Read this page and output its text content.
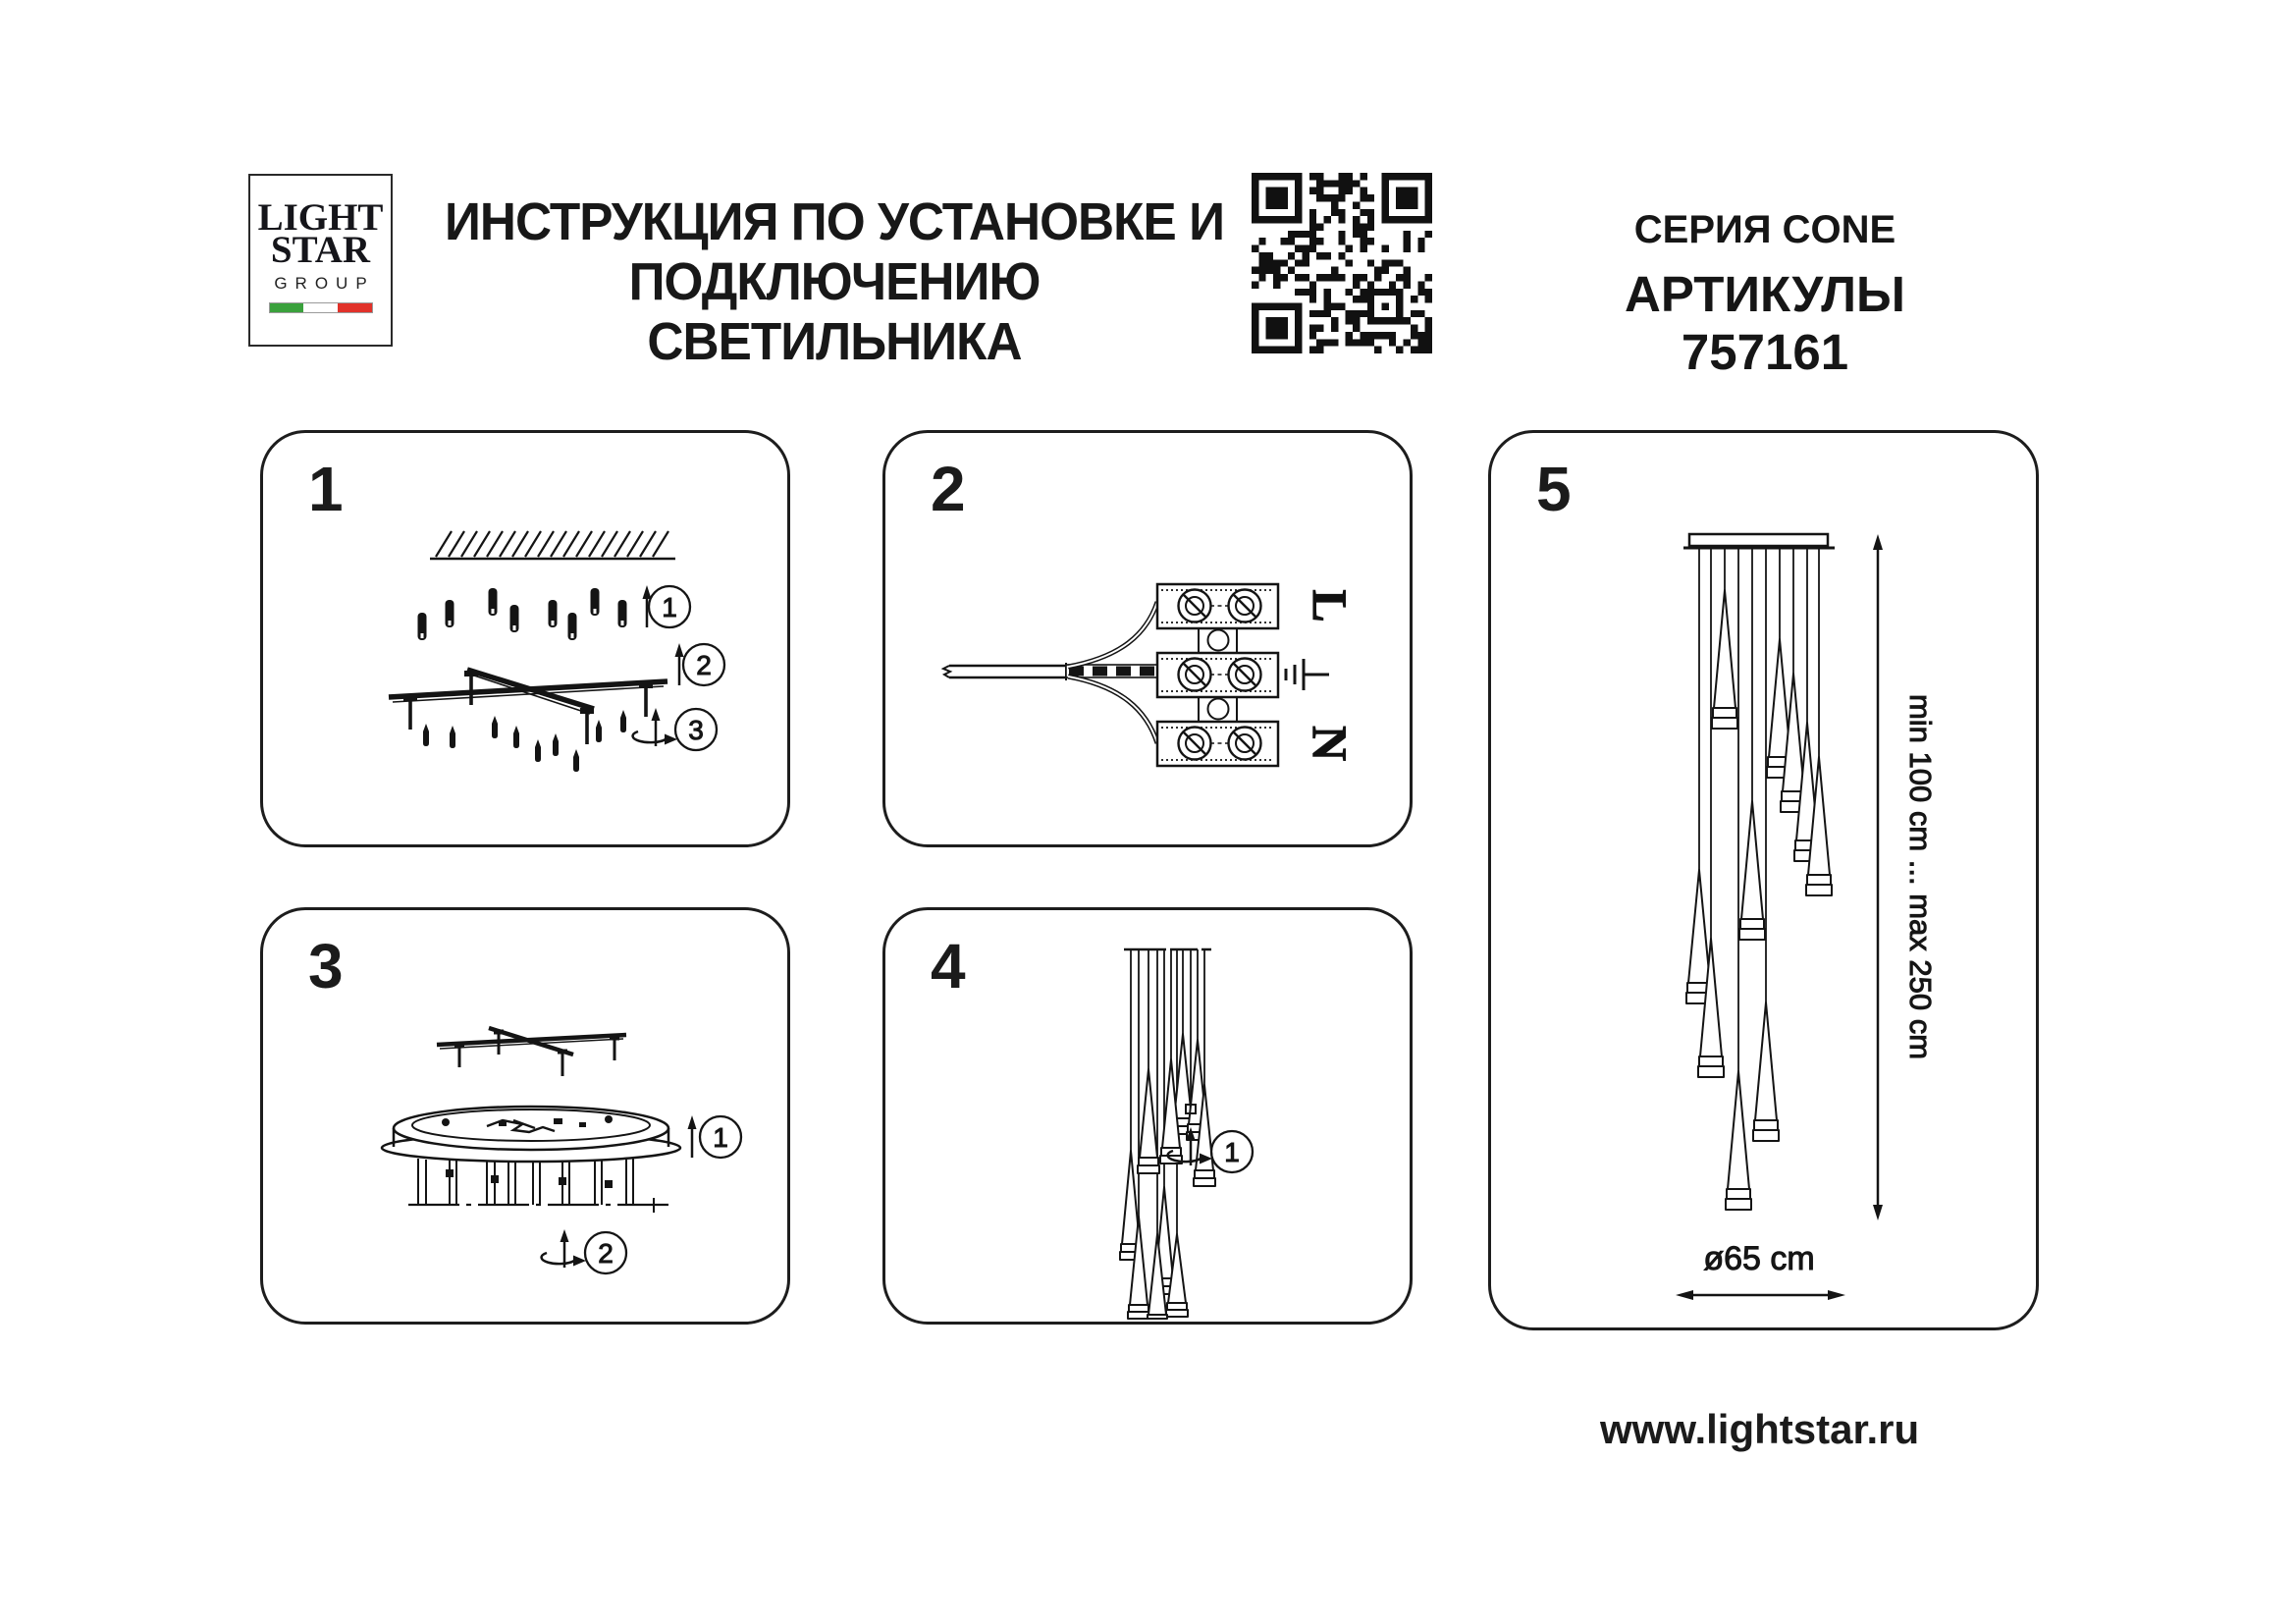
LIGHT
STAR
GROUP
ИНСТРУКЦИЯ ПО УСТАНОВКЕ И
ПОДКЛЮЧЕНИЮ СВЕТИЛЬНИКА
СЕРИЯ CONE
АРТИКУЛЫ 757161
1
1
2
3
2
L
N
3
1
2
4
1
5
min 100 cm ... max 250 cm
ø65 cm
www.lightstar.ru
